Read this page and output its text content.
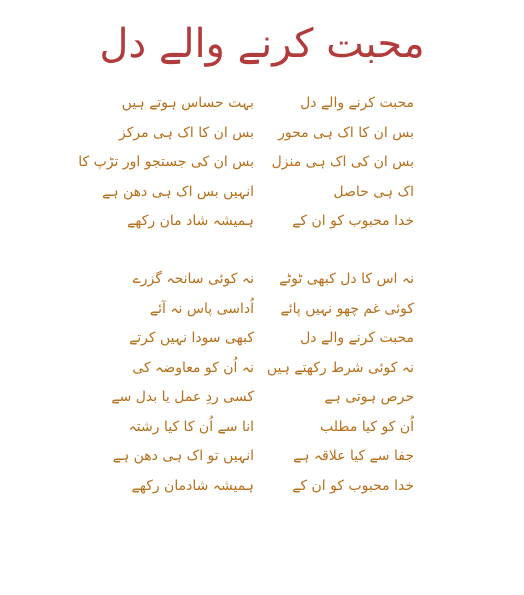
محبت کرنے والے دل
محبت کرنے والے دل
بہت حساس ہوتے ہیں
بس ان کا اک ہی محور
بس ان کا اک ہی مرکز
بس ان کی اک ہی منزل
بس ان کی جستجو اور تڑپ کا
اک ہی حاصل
انہیں بس اک ہی دھن ہے
خدا محبوب کو ان کے
ہمیشہ شاد مان رکھے
نہ اس کا دل کبھی ٹوٹے
نہ کوئی سانحہ گزرے
کوئی غم چھو نہیں پائے
اُداسی پاس نہ آئے
محبت کرنے والے دل
کبھی سودا نہیں کرتے
نہ کوئی شرط رکھتے ہیں
نہ اُن کو معاوضہ کی
حرص ہوتی ہے
کسی ردِ عمل یا بدل سے
اُن کو کیا مطلب
انا سے اُن کا کیا رشتہ
جفا سے کیا علاقہ ہے
انہیں تو اک ہی دھن ہے
خدا محبوب کو ان کے
ہمیشہ شادمان رکھے
